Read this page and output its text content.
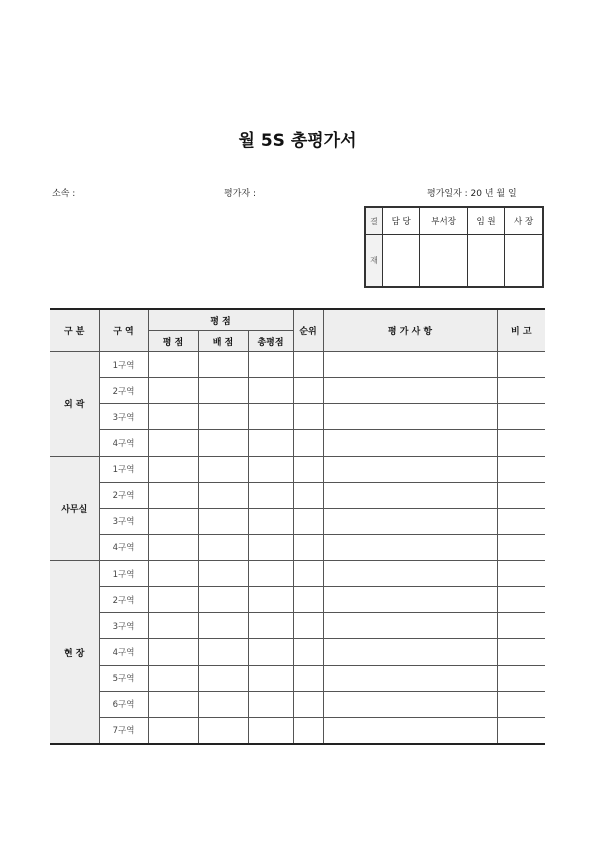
월 5S 총평가서
소속 :	평가자 :	평가일자 : 20 년 월 일
결	담 당	부서장	임 원	사 장
재				
구 분	구 역	평 점			순위	평 가 사 항	비 고
		평 점	배 점	총평점			
외 곽	1구역						
	2구역						
	3구역						
	4구역						
사무실	1구역						
	2구역						
	3구역						
	4구역						
현 장	1구역						
	2구역						
	3구역						
	4구역						
	5구역						
	6구역						
	7구역						
